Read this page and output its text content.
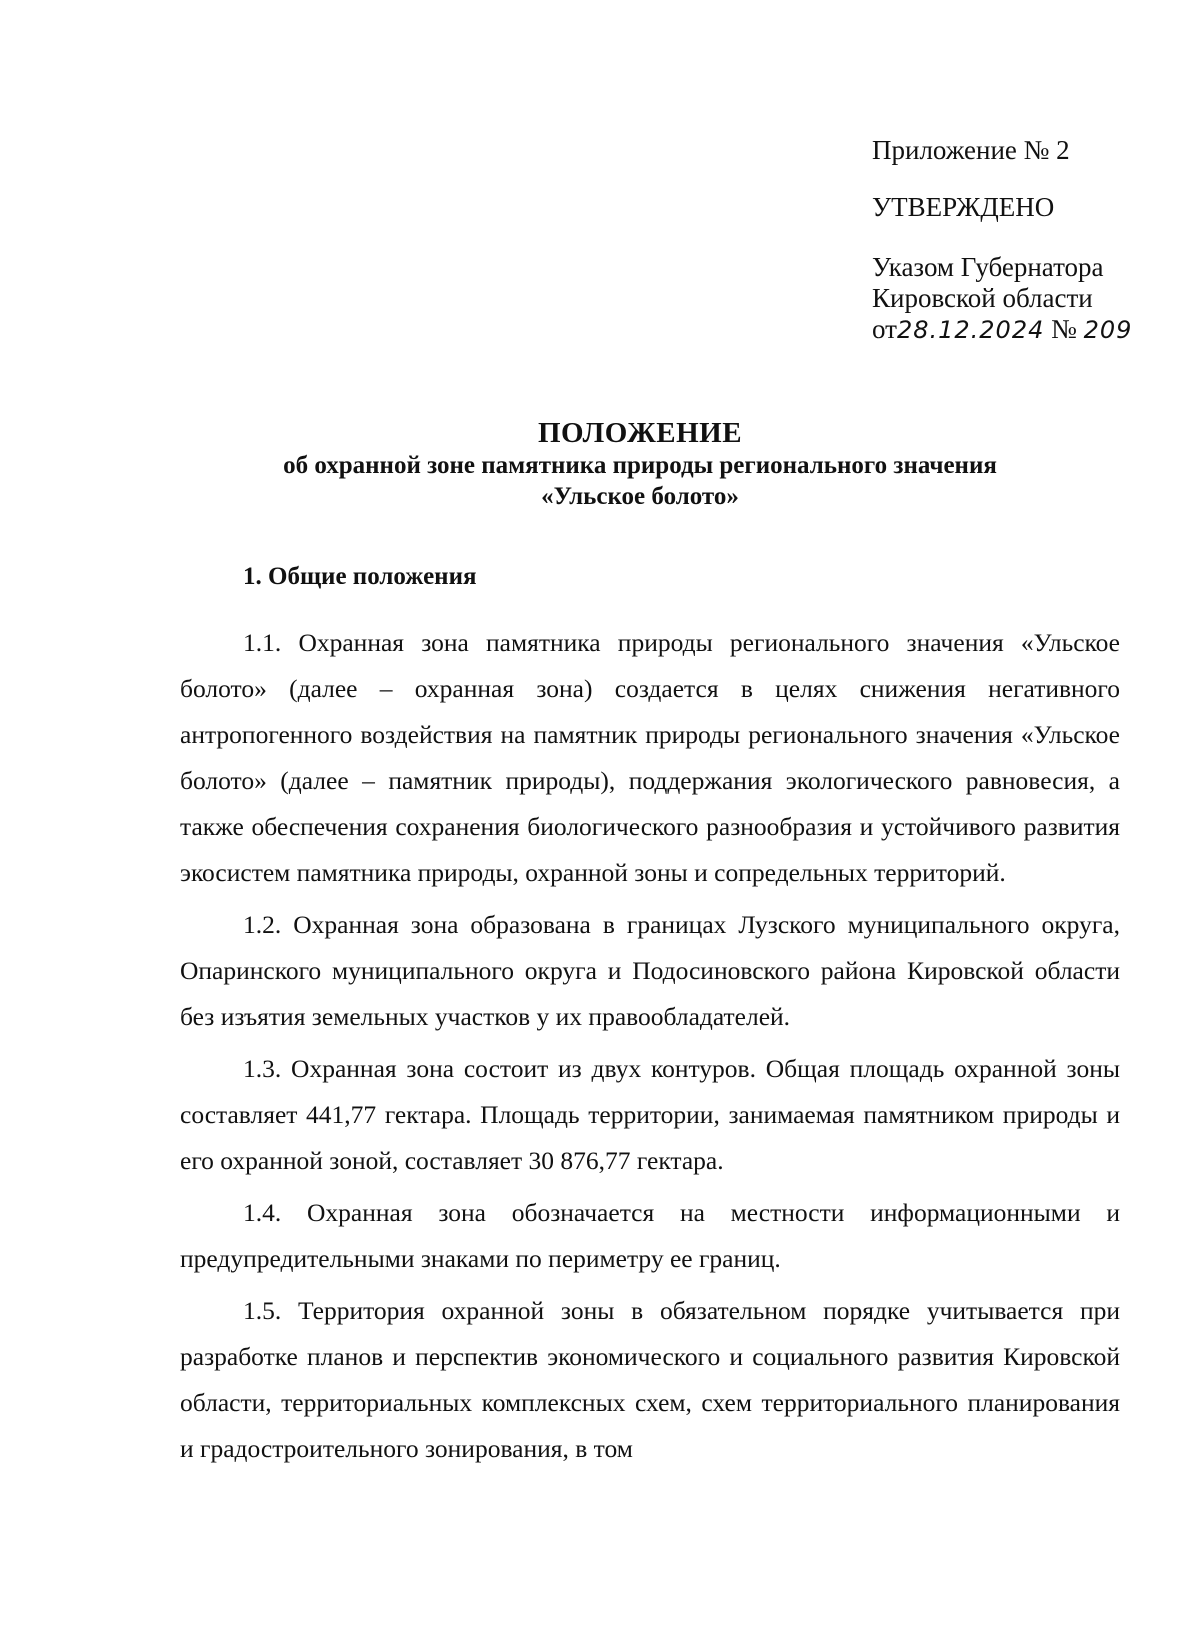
Приложение № 2
УТВЕРЖДЕНО
Указом Губернатора
Кировской области
от28.12.2024 № 209
ПОЛОЖЕНИЕ
об охранной зоне памятника природы регионального значения
«Ульское болото»
1. Общие положения

1.1. Охранная зона памятника природы регионального значения «Ульское болото» (далее – охранная зона) создается в целях снижения негативного антропогенного воздействия на памятник природы регионального значения «Ульское болото» (далее – памятник природы), поддержания экологического равновесия, а также обеспечения сохранения биологического разнообразия и устойчивого развития экосистем памятника природы, охранной зоны и сопредельных территорий.

1.2. Охранная зона образована в границах Лузского муниципального округа, Опаринского муниципального округа и Подосиновского района Кировской области без изъятия земельных участков у их правообладателей.

1.3. Охранная зона состоит из двух контуров. Общая площадь охранной зоны составляет 441,77 гектара. Площадь территории, занимаемая памятником природы и его охранной зоной, составляет 30 876,77 гектара.

1.4. Охранная зона обозначается на местности информационными и предупредительными знаками по периметру ее границ.

1.5. Территория охранной зоны в обязательном порядке учитывается при разработке планов и перспектив экономического и социального развития Кировской области, территориальных комплексных схем, схем территориального планирования и градостроительного зонирования, в том
